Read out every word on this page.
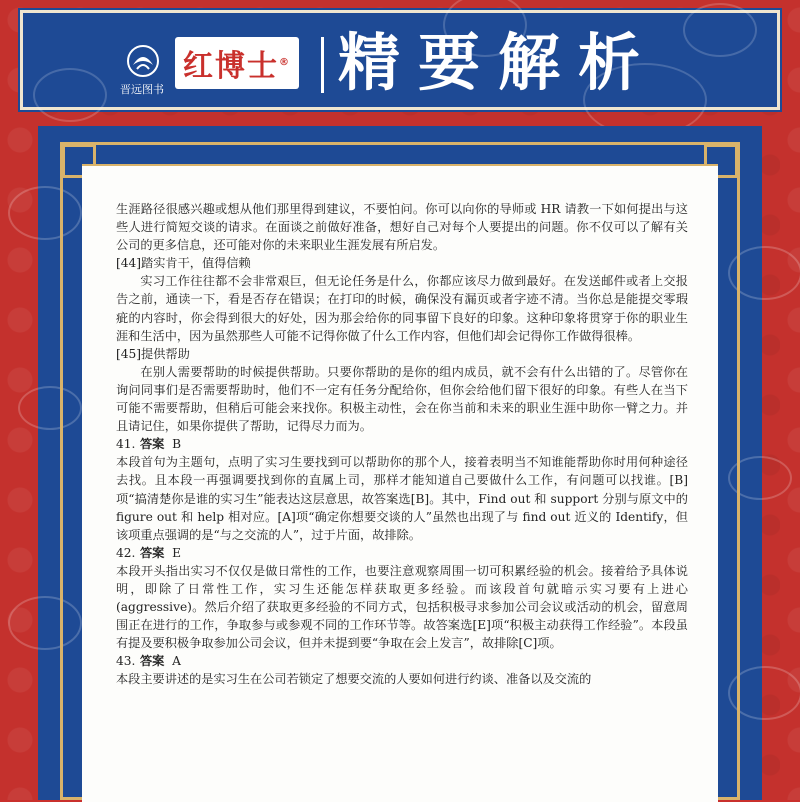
晋远图书
红博士® 精要解析

生涯路径很感兴趣或想从他们那里得到建议，不要怕问。你可以向你的导师或 HR 请教一下如何提出与这些人进行简短交谈的请求。在面谈之前做好准备，想好自己对每个人要提出的问题。你不仅可以了解有关公司的更多信息，还可能对你的未来职业生涯发展有所启发。

[44]踏实肯干，值得信赖

实习工作往往都不会非常艰巨，但无论任务是什么，你都应该尽力做到最好。在发送邮件或者上交报告之前，通读一下，看是否存在错误；在打印的时候，确保没有漏页或者字迹不清。当你总是能提交零瑕疵的内容时，你会得到很大的好处，因为那会给你的同事留下良好的印象。这种印象将贯穿于你的职业生涯和生活中，因为虽然那些人可能不记得你做了什么工作内容，但他们却会记得你工作做得很棒。

[45]提供帮助

在别人需要帮助的时候提供帮助。只要你帮助的是你的组内成员，就不会有什么出错的了。尽管你在询问同事们是否需要帮助时，他们不一定有任务分配给你，但你会给他们留下很好的印象。有些人在当下可能不需要帮助，但稍后可能会来找你。积极主动性，会在你当前和未来的职业生涯中助你一臂之力。并且请记住，如果你提供了帮助，记得尽力而为。

41. 答案 B

本段首句为主题句，点明了实习生要找到可以帮助你的那个人，接着表明当不知谁能帮助你时用何种途径去找。且本段一再强调要找到你的直属上司，那样才能知道自己要做什么工作，有问题可以找谁。[B]项“搞清楚你是谁的实习生”能表达这层意思，故答案选[B]。其中，Find out 和 support 分别与原文中的 figure out 和 help 相对应。[A]项“确定你想要交谈的人”虽然也出现了与 find out 近义的 Identify，但该项重点强调的是“与之交流的人”，过于片面，故排除。

42. 答案 E

本段开头指出实习不仅仅是做日常性的工作，也要注意观察周围一切可积累经验的机会。接着给予具体说明，即除了日常性工作，实习生还能怎样获取更多经验。而该段首句就暗示实习要有上进心(aggressive)。然后介绍了获取更多经验的不同方式，包括积极寻求参加公司会议或活动的机会，留意周围正在进行的工作，争取参与或参观不同的工作环节等。故答案选[E]项“积极主动获得工作经验”。本段虽有提及要积极争取参加公司会议，但并未提到要“争取在会上发言”，故排除[C]项。

43. 答案 A

本段主要讲述的是实习生在公司若锁定了想要交流的人要如何进行约谈、准备以及交流的
